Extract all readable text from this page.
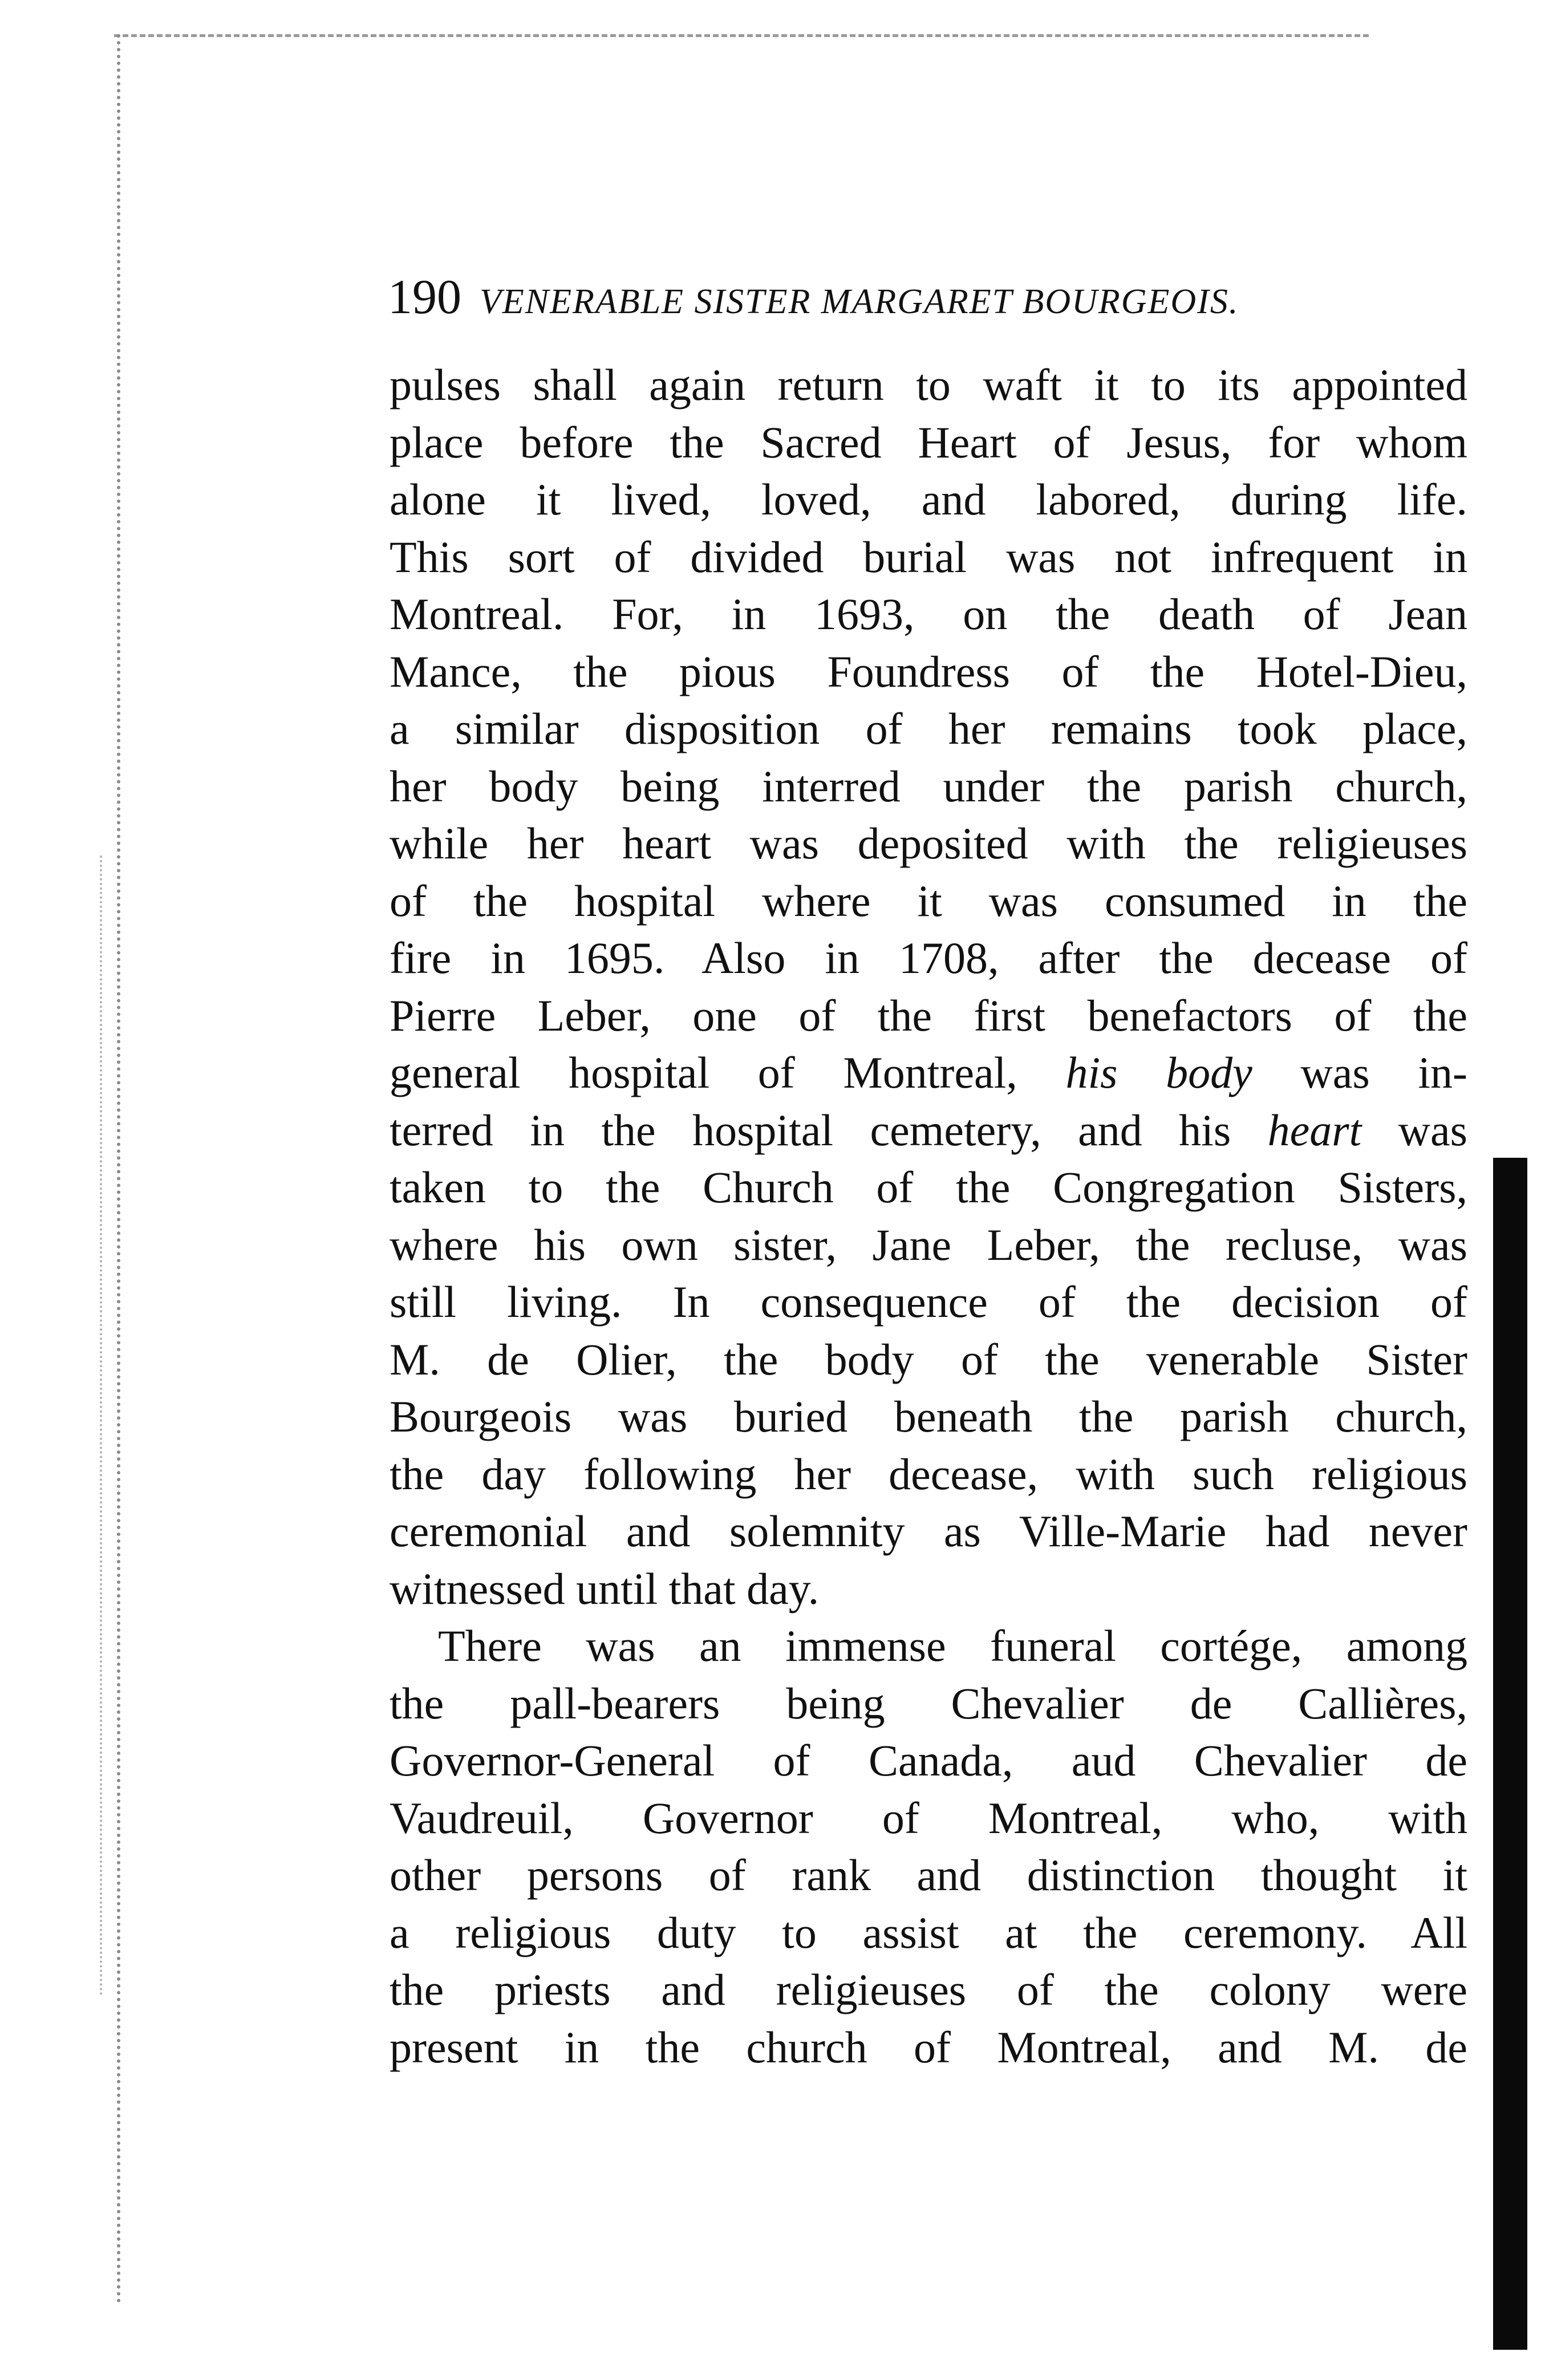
190 VENERABLE SISTER MARGARET BOURGEOIS.
pulses shall again return to waft it to its appointed
place before the Sacred Heart of Jesus, for whom
alone it lived, loved, and labored, during life.
This sort of divided burial was not infrequent in
Montreal. For, in 1693, on the death of Jean
Mance, the pious Foundress of the Hotel-Dieu,
a similar disposition of her remains took place,
her body being interred under the parish church,
while her heart was deposited with the religieuses
of the hospital where it was consumed in the
fire in 1695. Also in 1708, after the decease of
Pierre Leber, one of the first benefactors of the
general hospital of Montreal, his body was in-
terred in the hospital cemetery, and his heart was
taken to the Church of the Congregation Sisters,
where his own sister, Jane Leber, the recluse, was
still living. In consequence of the decision of
M. de Olier, the body of the venerable Sister
Bourgeois was buried beneath the parish church,
the day following her decease, with such religious
ceremonial and solemnity as Ville-Marie had never
witnessed until that day.
There was an immense funeral cortége, among
the pall-bearers being Chevalier de Callières,
Governor-General of Canada, aud Chevalier de
Vaudreuil, Governor of Montreal, who, with
other persons of rank and distinction thought it
a religious duty to assist at the ceremony. All
the priests and religieuses of the colony were
present in the church of Montreal, and M. de
